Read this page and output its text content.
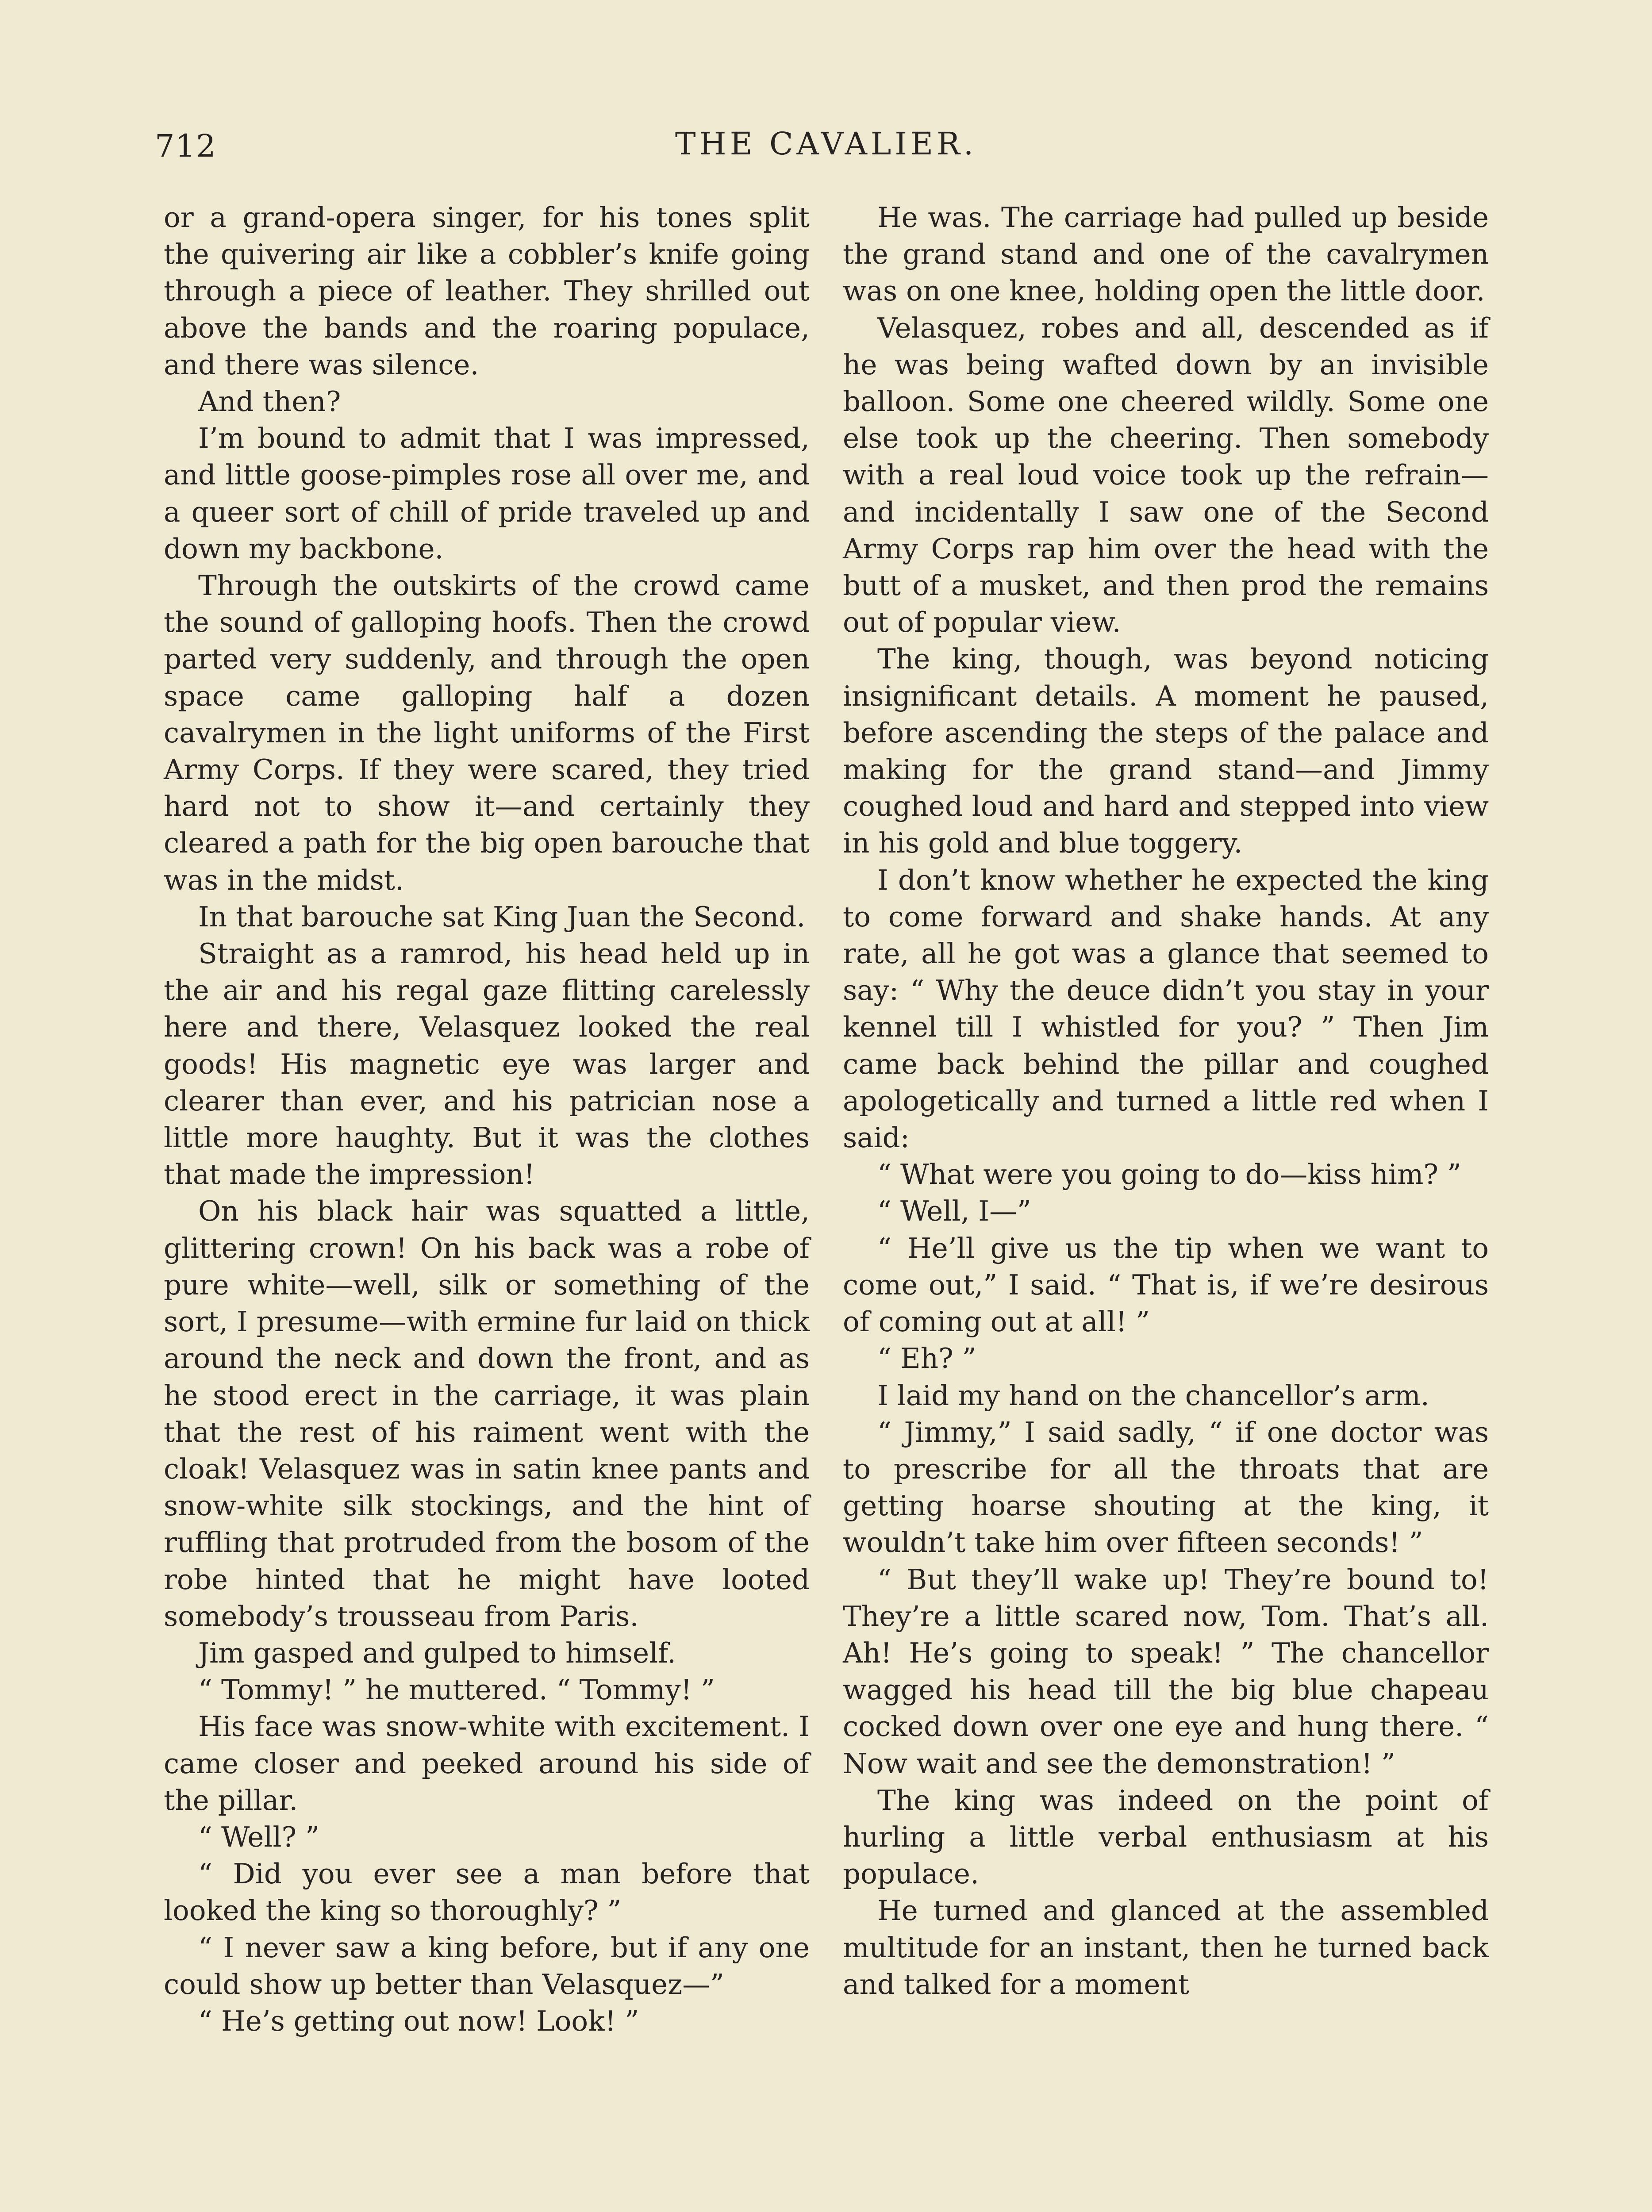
712	THE CAVALIER.

or a grand-opera singer, for his tones split the quivering air like a cobbler’s knife going through a piece of leather. They shrilled out above the bands and the roaring populace, and there was silence.

And then?

I’m bound to admit that I was impressed, and little goose-pimples rose all over me, and a queer sort of chill of pride traveled up and down my backbone.

Through the outskirts of the crowd came the sound of galloping hoofs. Then the crowd parted very suddenly, and through the open space came galloping half a dozen cavalrymen in the light uniforms of the First Army Corps. If they were scared, they tried hard not to show it—and certainly they cleared a path for the big open barouche that was in the midst.

In that barouche sat King Juan the Second.

Straight as a ramrod, his head held up in the air and his regal gaze flitting carelessly here and there, Velasquez looked the real goods! His magnetic eye was larger and clearer than ever, and his patrician nose a little more haughty. But it was the clothes that made the impression!

On his black hair was squatted a little, glittering crown! On his back was a robe of pure white—well, silk or something of the sort, I presume—with ermine fur laid on thick around the neck and down the front, and as he stood erect in the carriage, it was plain that the rest of his raiment went with the cloak! Velasquez was in satin knee pants and snow-white silk stockings, and the hint of ruffling that protruded from the bosom of the robe hinted that he might have looted somebody’s trousseau from Paris.

Jim gasped and gulped to himself.

“ Tommy! ” he muttered. “ Tommy! ”

His face was snow-white with excitement. I came closer and peeked around his side of the pillar.

“ Well? ”

“ Did you ever see a man before that looked the king so thoroughly? ”

“ I never saw a king before, but if any one could show up better than Velasquez—”

“ He’s getting out now! Look! ”

He was. The carriage had pulled up beside the grand stand and one of the cavalrymen was on one knee, holding open the little door.

Velasquez, robes and all, descended as if he was being wafted down by an invisible balloon. Some one cheered wildly. Some one else took up the cheering. Then somebody with a real loud voice took up the refrain—and incidentally I saw one of the Second Army Corps rap him over the head with the butt of a musket, and then prod the remains out of popular view.

The king, though, was beyond noticing insignificant details. A moment he paused, before ascending the steps of the palace and making for the grand stand—and Jimmy coughed loud and hard and stepped into view in his gold and blue toggery.

I don’t know whether he expected the king to come forward and shake hands. At any rate, all he got was a glance that seemed to say: “ Why the deuce didn’t you stay in your kennel till I whistled for you? ” Then Jim came back behind the pillar and coughed apologetically and turned a little red when I said:

“ What were you going to do—kiss him? ”

“ Well, I—”

“ He’ll give us the tip when we want to come out,” I said. “ That is, if we’re desirous of coming out at all! ”

“ Eh? ”

I laid my hand on the chancellor’s arm.

“ Jimmy,” I said sadly, “ if one doctor was to prescribe for all the throats that are getting hoarse shouting at the king, it wouldn’t take him over fifteen seconds! ”

“ But they’ll wake up! They’re bound to! They’re a little scared now, Tom. That’s all. Ah! He’s going to speak! ” The chancellor wagged his head till the big blue chapeau cocked down over one eye and hung there. “ Now wait and see the demonstration! ”

The king was indeed on the point of hurling a little verbal enthusiasm at his populace.

He turned and glanced at the assembled multitude for an instant, then he turned back and talked for a moment
